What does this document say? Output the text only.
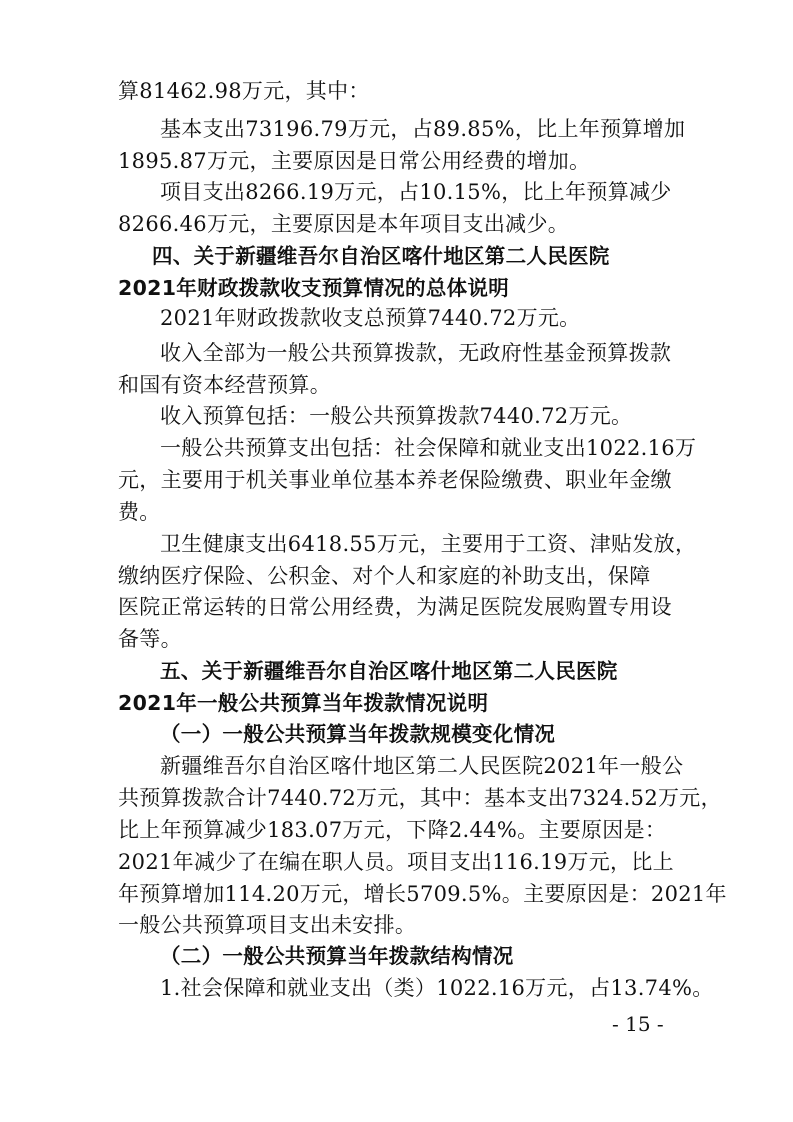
算81462.98万元，其中：
基本支出73196.79万元，占89.85%，比上年预算增加
1895.87万元，主要原因是日常公用经费的增加。
项目支出8266.19万元，占10.15%，比上年预算减少
8266.46万元，主要原因是本年项目支出减少。
四、关于新疆维吾尔自治区喀什地区第二人民医院
2021年财政拨款收支预算情况的总体说明
2021年财政拨款收支总预算7440.72万元。
收入全部为一般公共预算拨款，无政府性基金预算拨款
和国有资本经营预算。
收入预算包括：一般公共预算拨款7440.72万元。
一般公共预算支出包括：社会保障和就业支出1022.16万
元，主要用于机关事业单位基本养老保险缴费、职业年金缴
费。
卫生健康支出6418.55万元，主要用于工资、津贴发放，
缴纳医疗保险、公积金、对个人和家庭的补助支出，保障
医院正常运转的日常公用经费，为满足医院发展购置专用设
备等。
五、关于新疆维吾尔自治区喀什地区第二人民医院
2021年一般公共预算当年拨款情况说明
（一）一般公共预算当年拨款规模变化情况
新疆维吾尔自治区喀什地区第二人民医院2021年一般公
共预算拨款合计7440.72万元，其中：基本支出7324.52万元，
比上年预算减少183.07万元，下降2.44%。主要原因是：
2021年减少了在编在职人员。项目支出116.19万元，比上
年预算增加114.20万元，增长5709.5%。主要原因是：2021年
一般公共预算项目支出未安排。
（二）一般公共预算当年拨款结构情况
1.社会保障和就业支出（类）1022.16万元，占13.74%。
- 15 -
